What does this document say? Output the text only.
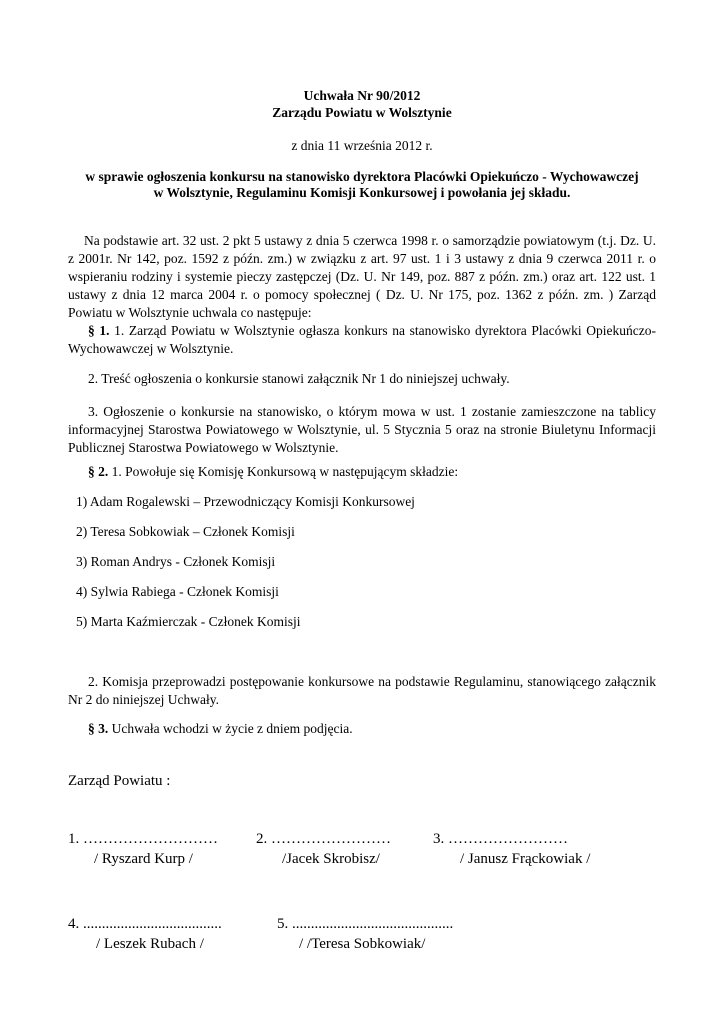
Uchwała Nr 90/2012
Zarządu Powiatu w Wolsztynie
z dnia 11 września 2012 r.
w sprawie ogłoszenia konkursu na stanowisko dyrektora Placówki Opiekuńczo - Wychowawczej
w Wolsztynie, Regulaminu Komisji Konkursowej i powołania jej składu.

Na podstawie art. 32 ust. 2 pkt 5 ustawy z dnia 5 czerwca 1998 r. o samorządzie powiatowym (t.j. Dz. U. z 2001r. Nr 142, poz. 1592 z późn. zm.) w związku z art. 97 ust. 1 i 3 ustawy z dnia 9 czerwca 2011 r. o wspieraniu rodziny i systemie pieczy zastępczej (Dz. U. Nr 149, poz. 887 z późn. zm.) oraz art. 122 ust. 1 ustawy z dnia 12 marca 2004 r. o pomocy społecznej ( Dz. U. Nr 175, poz. 1362 z późn. zm. ) Zarząd Powiatu w Wolsztynie uchwala co następuje:

§ 1. 1. Zarząd Powiatu w Wolsztynie ogłasza konkurs na stanowisko dyrektora Placówki Opiekuńczo-Wychowawczej w Wolsztynie.

2. Treść ogłoszenia o konkursie stanowi załącznik Nr 1 do niniejszej uchwały.

3. Ogłoszenie o konkursie na stanowisko, o którym mowa w ust. 1 zostanie zamieszczone na tablicy informacyjnej Starostwa Powiatowego w Wolsztynie, ul. 5 Stycznia 5 oraz na stronie Biuletynu Informacji Publicznej Starostwa Powiatowego w Wolsztynie.

§ 2. 1. Powołuje się Komisję Konkursową w następującym składzie:
1) Adam Rogalewski – Przewodniczący Komisji Konkursowej
2) Teresa Sobkowiak – Członek Komisji
3) Roman Andrys - Członek Komisji
4) Sylwia Rabiega - Członek Komisji
5) Marta Kaźmierczak - Członek Komisji

2. Komisja przeprowadzi postępowanie konkursowe na podstawie Regulaminu, stanowiącego załącznik Nr 2 do niniejszej Uchwały.

§ 3. Uchwała wchodzi w życie z dniem podjęcia.
Zarząd Powiatu :
1. ………………………
/ Ryszard Kurp /
2. ……………………
/Jacek Skrobisz/
3. ……………………
/ Janusz Frąckowiak /
4. .....................................
/ Leszek Rubach /
5. ...........................................
/ /Teresa Sobkowiak/
